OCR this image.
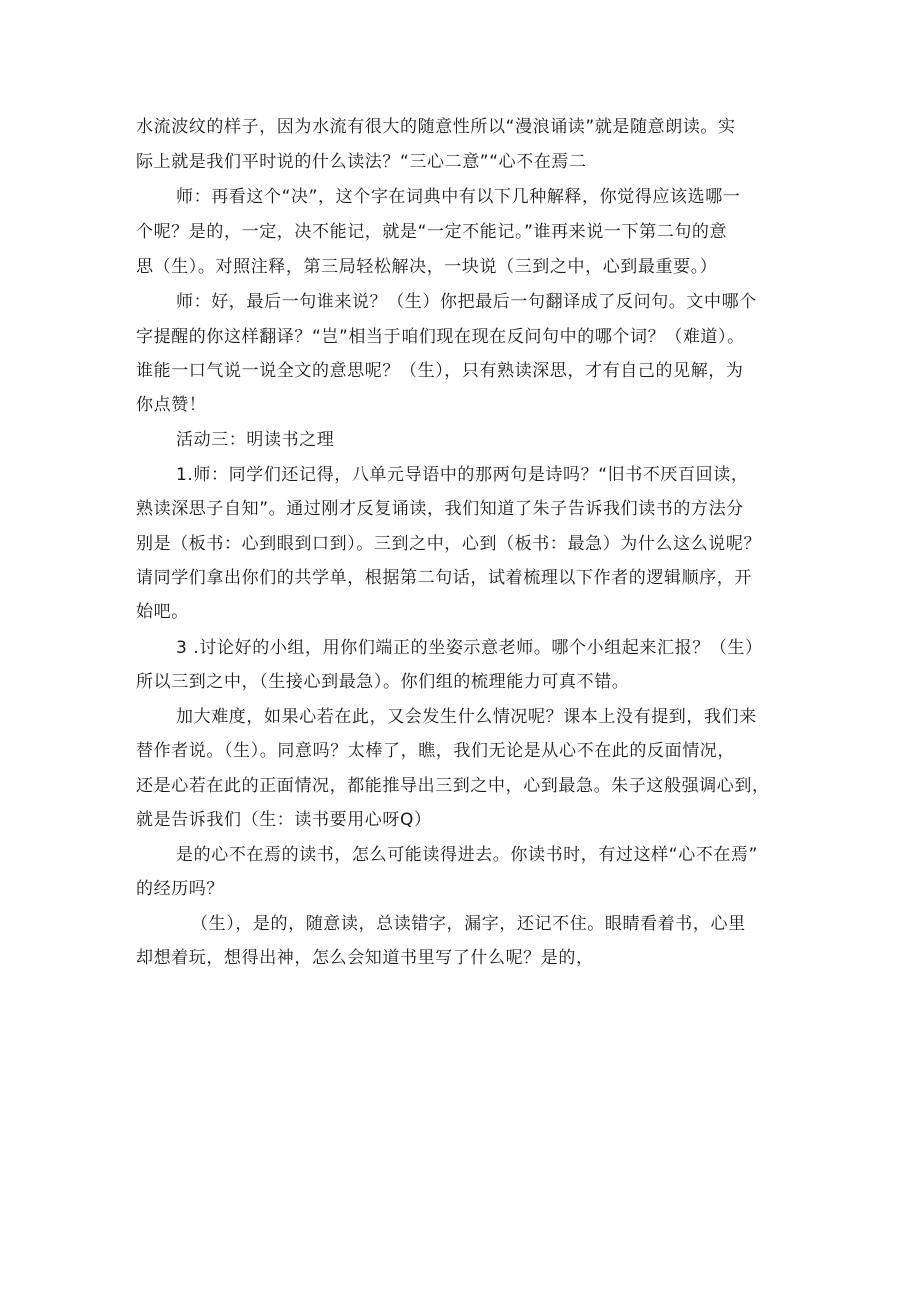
水流波纹的样子，因为水流有很大的随意性所以“漫浪诵读”就是随意朗读。实

际上就是我们平时说的什么读法？“三心二意”“心不在焉二

师：再看这个“决”，这个字在词典中有以下几种解释，你觉得应该选哪一

个呢？是的，一定，决不能记，就是“一定不能记。”谁再来说一下第二句的意

思（生）。对照注释，第三局轻松解决，一块说（三到之中，心到最重要。）

师：好，最后一句谁来说？（生）你把最后一句翻译成了反问句。文中哪个

字提醒的你这样翻译？“岂”相当于咱们现在现在反问句中的哪个词？（难道）。

谁能一口气说一说全文的意思呢？（生），只有熟读深思，才有自己的见解，为

你点赞！

活动三：明读书之理

1.师：同学们还记得，八单元导语中的那两句是诗吗？“旧书不厌百回读，

熟读深思子自知”。通过刚才反复诵读，我们知道了朱子告诉我们读书的方法分

别是（板书：心到眼到口到）。三到之中，心到（板书：最急）为什么这么说呢？

请同学们拿出你们的共学单，根据第二句话，试着梳理以下作者的逻辑顺序，开

始吧。

3 .讨论好的小组，用你们端正的坐姿示意老师。哪个小组起来汇报？（生）

所以三到之中，（生接心到最急）。你们组的梳理能力可真不错。

加大难度，如果心若在此，又会发生什么情况呢？课本上没有提到，我们来

替作者说。（生）。同意吗？太棒了，瞧，我们无论是从心不在此的反面情况，

还是心若在此的正面情况，都能推导出三到之中，心到最急。朱子这般强调心到，

就是告诉我们（生：读书要用心呀Q）

是的心不在焉的读书，怎么可能读得进去。你读书时，有过这样“心不在焉”

的经历吗？

（生），是的，随意读，总读错字，漏字，还记不住。眼睛看着书，心里

却想着玩，想得出神，怎么会知道书里写了什么呢？是的，
